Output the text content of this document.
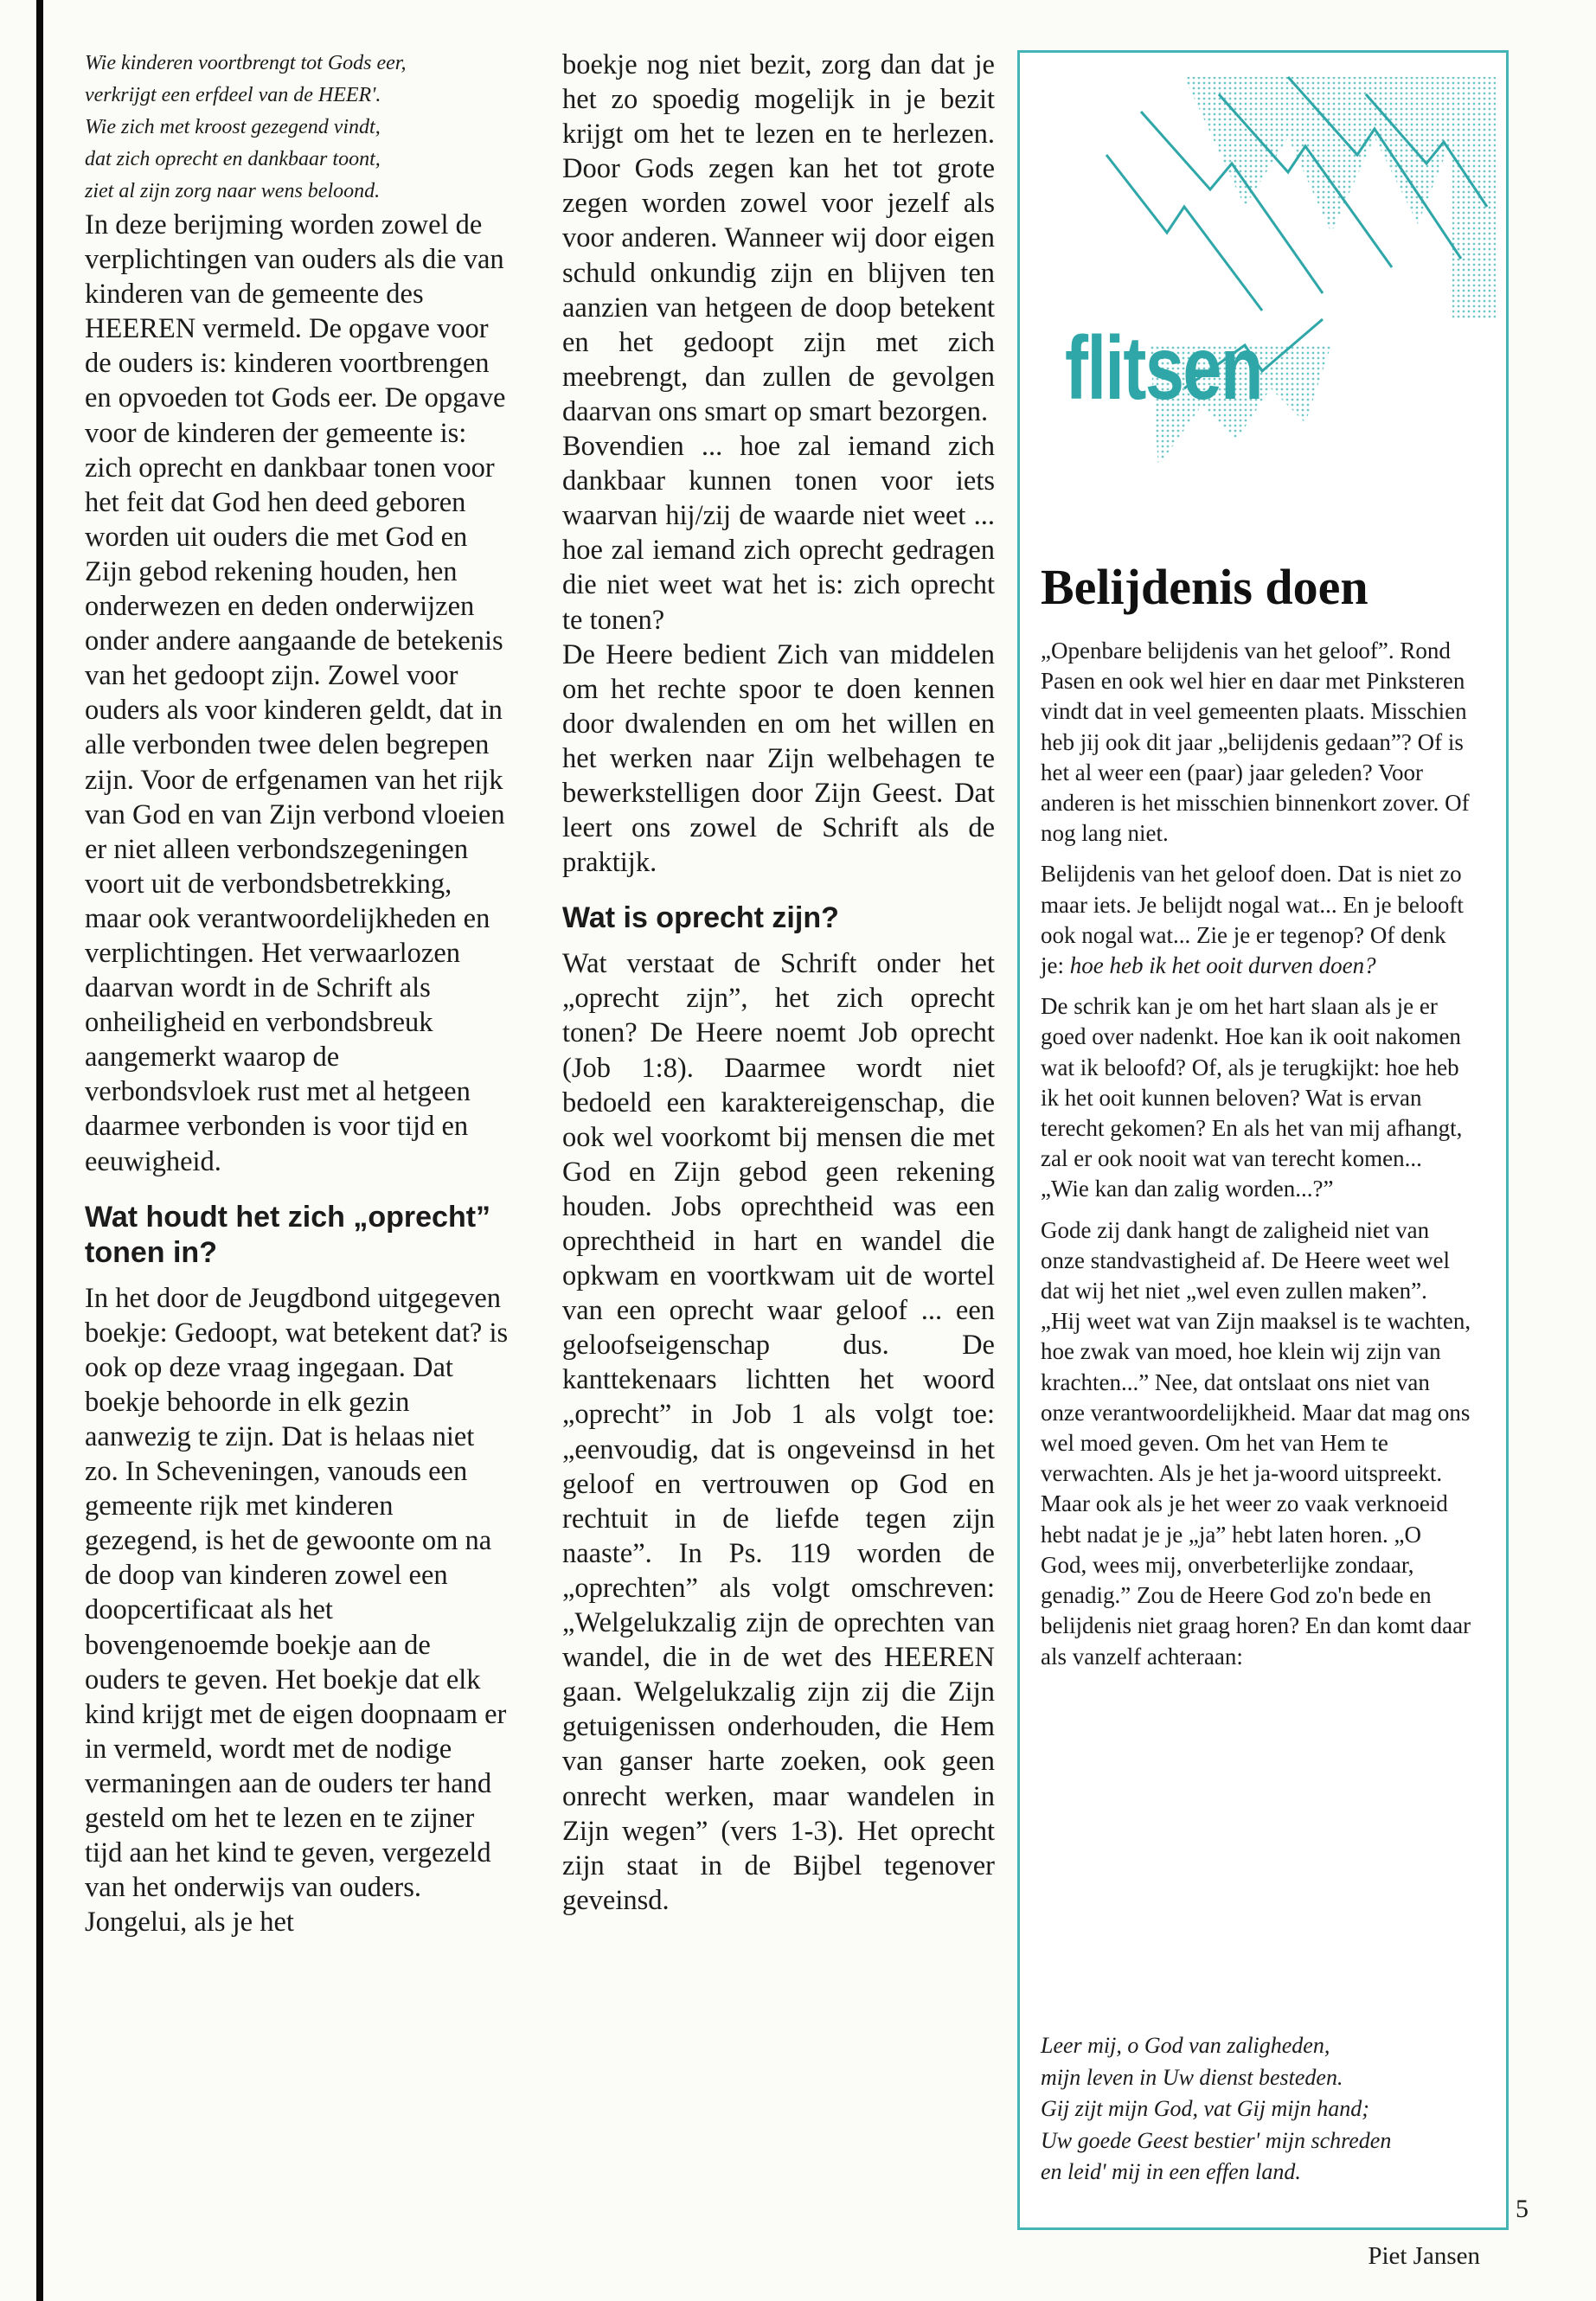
Wie kinderen voortbrengt tot Gods eer,
verkrijgt een erfdeel van de HEER'.
Wie zich met kroost gezegend vindt,
dat zich oprecht en dankbaar toont,
ziet al zijn zorg naar wens beloond.

In deze berijming worden zowel de verplichtingen van ouders als die van kinderen van de gemeente des HEEREN vermeld. De opgave voor de ouders is: kinderen voortbrengen en opvoeden tot Gods eer. De opgave voor de kinderen der gemeente is: zich oprecht en dankbaar tonen voor het feit dat God hen deed geboren worden uit ouders die met God en Zijn gebod rekening houden, hen onderwezen en deden onderwijzen onder andere aangaande de betekenis van het gedoopt zijn. Zowel voor ouders als voor kinderen geldt, dat in alle verbonden twee delen begrepen zijn. Voor de erfgenamen van het rijk van God en van Zijn verbond vloeien er niet alleen verbondszegeningen voort uit de verbondsbetrekking, maar ook verantwoordelijkheden en verplichtingen. Het verwaarlozen daarvan wordt in de Schrift als onheiligheid en verbondsbreuk aangemerkt waarop de verbondsvloek rust met al hetgeen daarmee verbonden is voor tijd en eeuwigheid.

Wat houdt het zich „oprecht” tonen in?

In het door de Jeugdbond uitgegeven boekje: Gedoopt, wat betekent dat? is ook op deze vraag ingegaan. Dat boekje behoorde in elk gezin aanwezig te zijn. Dat is helaas niet zo. In Scheveningen, vanouds een gemeente rijk met kinderen gezegend, is het de gewoonte om na de doop van kinderen zowel een doopcertificaat als het bovengenoemde boekje aan de ouders te geven. Het boekje dat elk kind krijgt met de eigen doopnaam er in vermeld, wordt met de nodige vermaningen aan de ouders ter hand gesteld om het te lezen en te zijner tijd aan het kind te geven, vergezeld van het onderwijs van ouders. Jongelui, als je het

boekje nog niet bezit, zorg dan dat je het zo spoedig mogelijk in je bezit krijgt om het te lezen en te herlezen. Door Gods zegen kan het tot grote zegen worden zowel voor jezelf als voor anderen. Wanneer wij door eigen schuld onkundig zijn en blijven ten aanzien van hetgeen de doop betekent en het gedoopt zijn met zich meebrengt, dan zullen de gevolgen daarvan ons smart op smart bezorgen.

Bovendien ... hoe zal iemand zich dankbaar kunnen tonen voor iets waarvan hij/zij de waarde niet weet ... hoe zal iemand zich oprecht gedragen die niet weet wat het is: zich oprecht te tonen?

De Heere bedient Zich van middelen om het rechte spoor te doen kennen door dwalenden en om het willen en het werken naar Zijn welbehagen te bewerkstelligen door Zijn Geest. Dat leert ons zowel de Schrift als de praktijk.

Wat is oprecht zijn?

Wat verstaat de Schrift onder het „oprecht zijn”, het zich oprecht tonen? De Heere noemt Job oprecht (Job 1:8). Daarmee wordt niet bedoeld een karaktereigenschap, die ook wel voorkomt bij mensen die met God en Zijn gebod geen rekening houden. Jobs oprechtheid was een oprechtheid in hart en wandel die opkwam en voortkwam uit de wortel van een oprecht waar geloof ... een geloofseigenschap dus. De kanttekenaars lichtten het woord „oprecht” in Job 1 als volgt toe: „eenvoudig, dat is ongeveinsd in het geloof en vertrouwen op God en rechtuit in de liefde tegen zijn naaste”. In Ps. 119 worden de „oprechten” als volgt omschreven: „Welgelukzalig zijn de oprechten van wandel, die in de wet des HEEREN gaan. Welgelukzalig zijn zij die Zijn getuigenissen onderhouden, die Hem van ganser harte zoeken, ook geen onrecht werken, maar wandelen in Zijn wegen” (vers 1-3). Het oprecht zijn staat in de Bijbel tegenover geveinsd.

flitsen
Belijdenis doen

„Openbare belijdenis van het geloof”. Rond Pasen en ook wel hier en daar met Pinksteren vindt dat in veel gemeenten plaats. Misschien heb jij ook dit jaar „belijdenis gedaan”? Of is het al weer een (paar) jaar geleden? Voor anderen is het misschien binnenkort zover. Of nog lang niet.

Belijdenis van het geloof doen. Dat is niet zo maar iets. Je belijdt nogal wat... En je belooft ook nogal wat... Zie je er tegenop? Of denk je: hoe heb ik het ooit durven doen?

De schrik kan je om het hart slaan als je er goed over nadenkt. Hoe kan ik ooit nakomen wat ik beloofd? Of, als je terugkijkt: hoe heb ik het ooit kunnen beloven? Wat is ervan terecht gekomen? En als het van mij afhangt, zal er ook nooit wat van terecht komen... „Wie kan dan zalig worden...?”

Gode zij dank hangt de zaligheid niet van onze standvastigheid af. De Heere weet wel dat wij het niet „wel even zullen maken”. „Hij weet wat van Zijn maaksel is te wachten, hoe zwak van moed, hoe klein wij zijn van krachten...” Nee, dat ontslaat ons niet van onze verantwoordelijkheid. Maar dat mag ons wel moed geven. Om het van Hem te verwachten. Als je het ja-woord uitspreekt. Maar ook als je het weer zo vaak verknoeid hebt nadat je je „ja” hebt laten horen. „O God, wees mij, onverbeterlijke zondaar, genadig.” Zou de Heere God zo'n bede en belijdenis niet graag horen? En dan komt daar als vanzelf achteraan:

Leer mij, o God van zaligheden,
mijn leven in Uw dienst besteden.
Gij zijt mijn God, vat Gij mijn hand;
Uw goede Geest bestier' mijn schreden
en leid' mij in een effen land.
Piet Jansen
5
